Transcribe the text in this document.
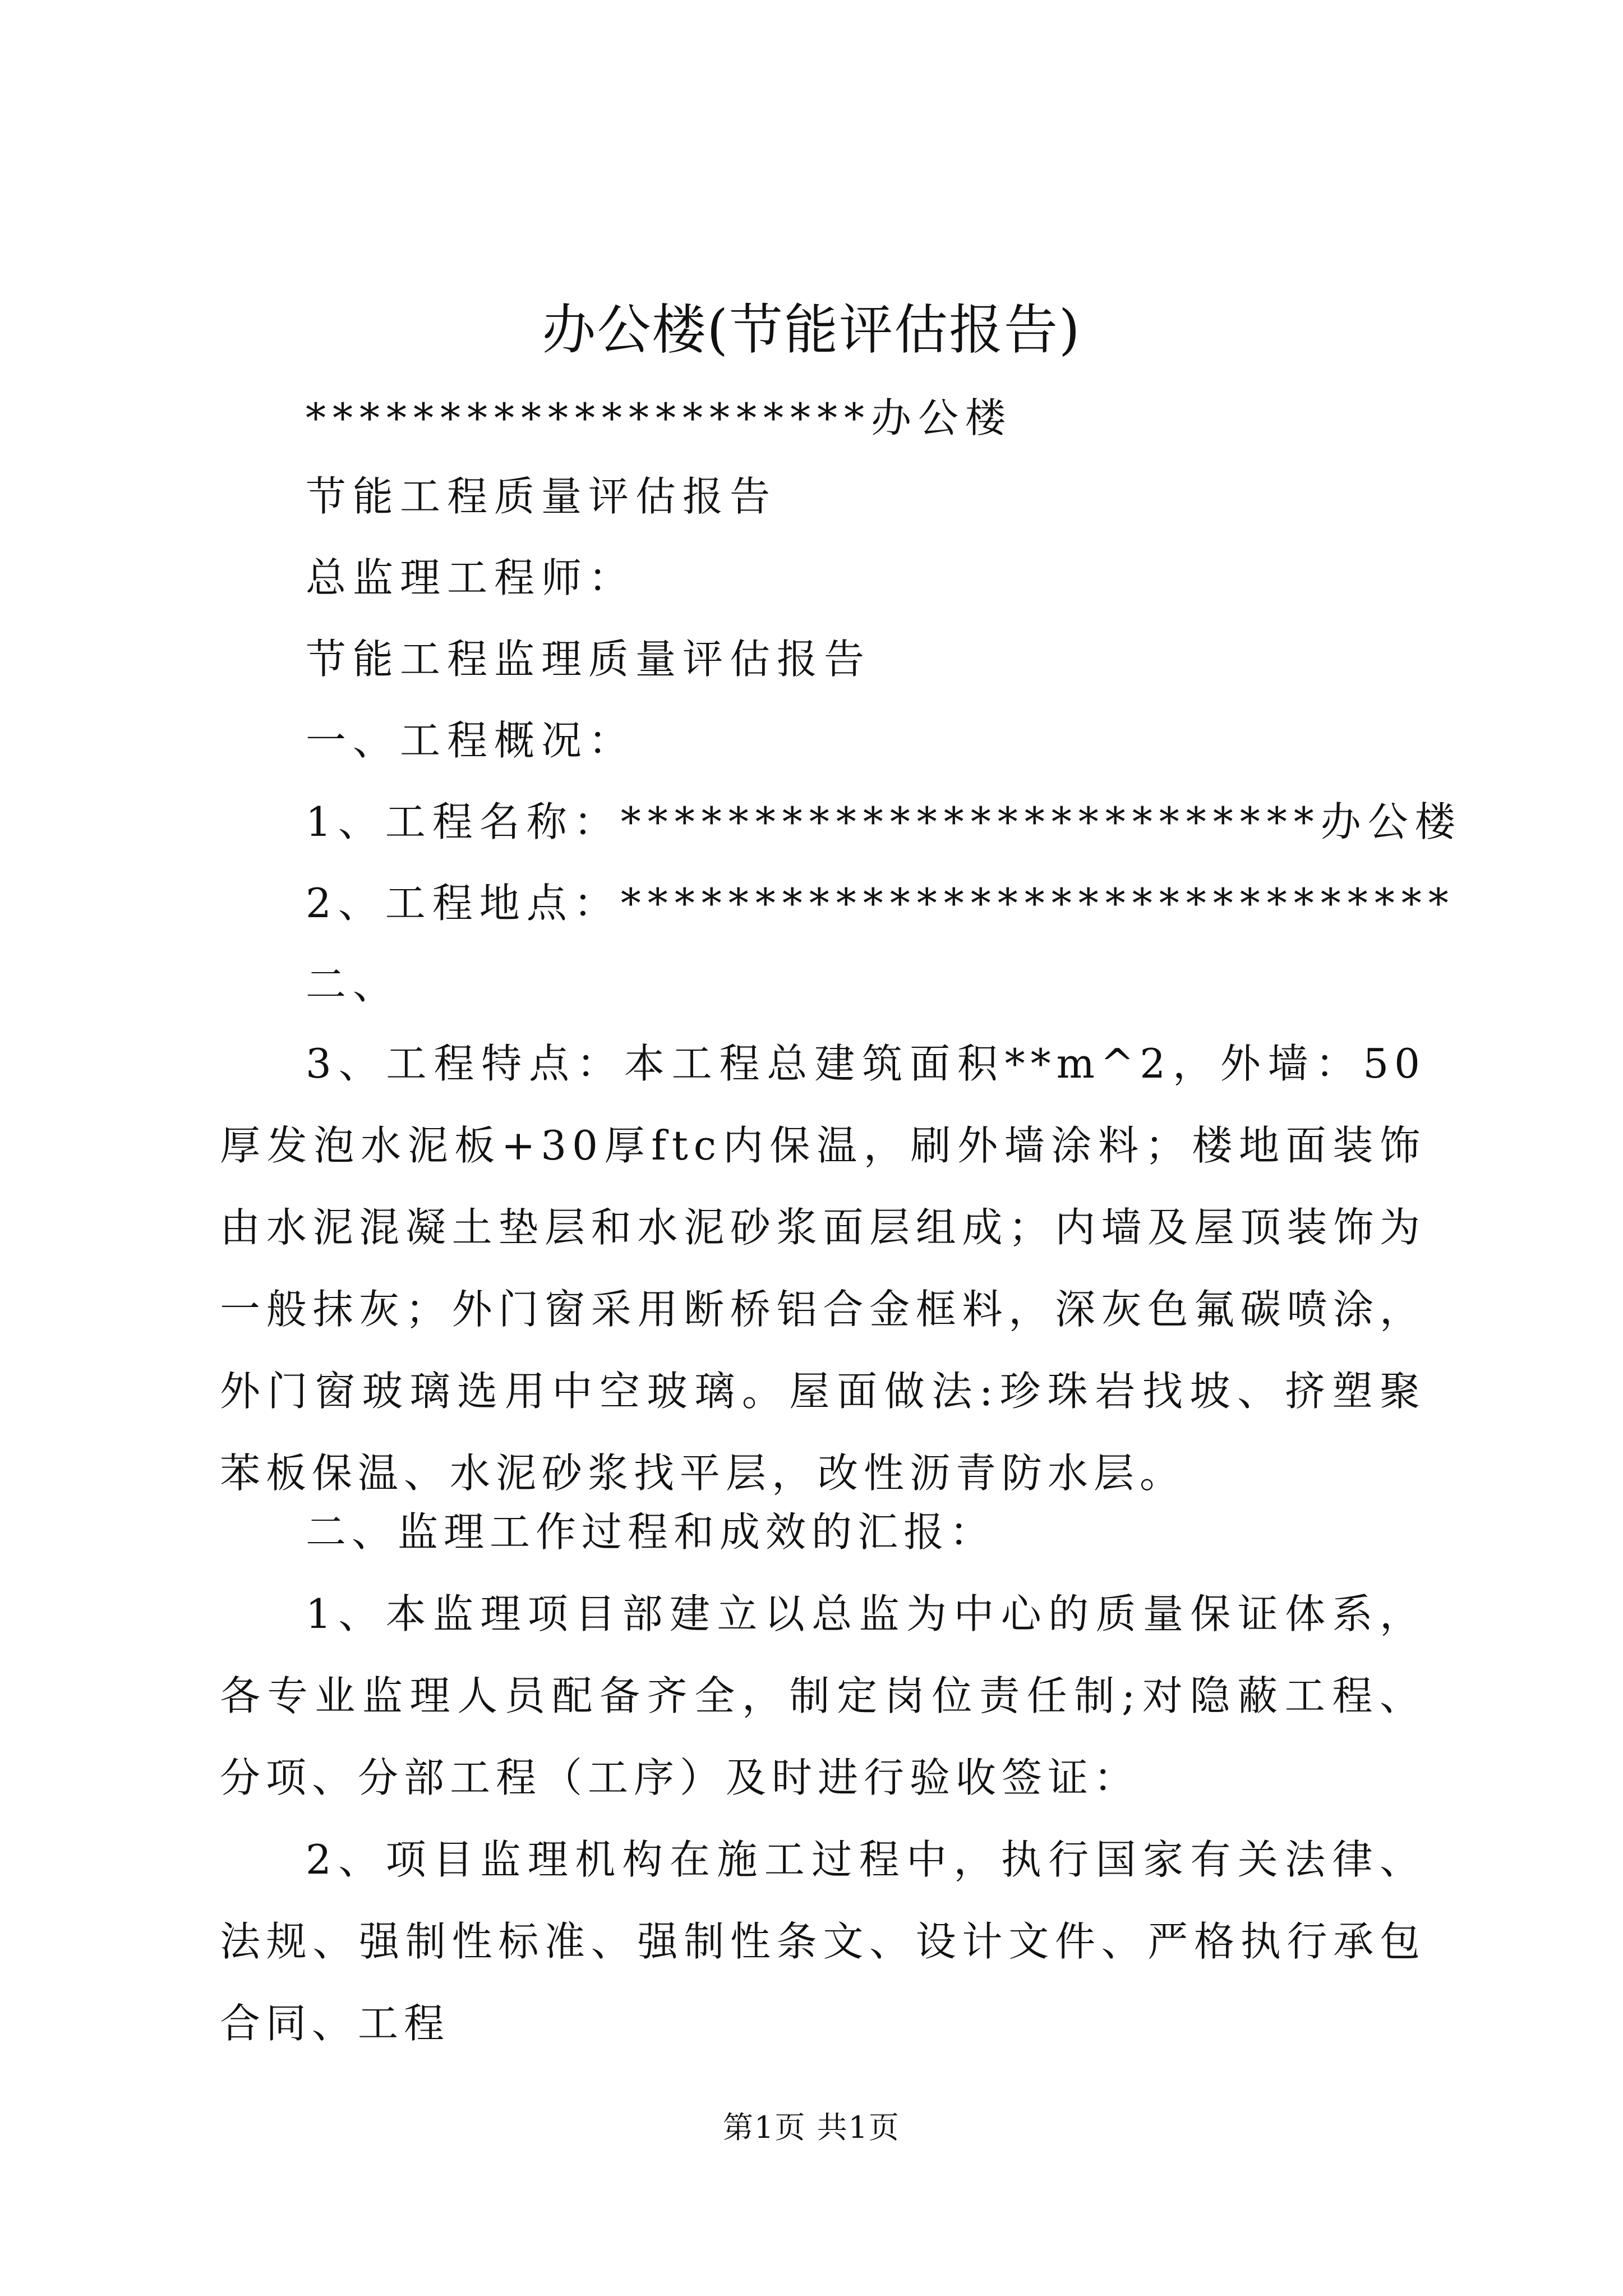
办公楼(节能评估报告)
*********************办公楼
节能工程质量评估报告
总监理工程师：
节能工程监理质量评估报告
一、工程概况：
1、工程名称：**************************办公楼
2、工程地点：*******************************
二、
3、工程特点：本工程总建筑面积**m^2，外墙：50厚发泡水泥板+30厚ftc内保温，刷外墙涂料；楼地面装饰由水泥混凝土垫层和水泥砂浆面层组成；内墙及屋顶装饰为一般抹灰；外门窗采用断桥铝合金框料，深灰色氟碳喷涂，外门窗玻璃选用中空玻璃。屋面做法:珍珠岩找坡、挤塑聚苯板保温、水泥砂浆找平层，改性沥青防水层。
二、监理工作过程和成效的汇报：
1、本监理项目部建立以总监为中心的质量保证体系，各专业监理人员配备齐全，制定岗位责任制;对隐蔽工程、分项、分部工程（工序）及时进行验收签证：
2、项目监理机构在施工过程中，执行国家有关法律、法规、强制性标准、强制性条文、设计文件、严格执行承包合同、工程
第1页 共1页
